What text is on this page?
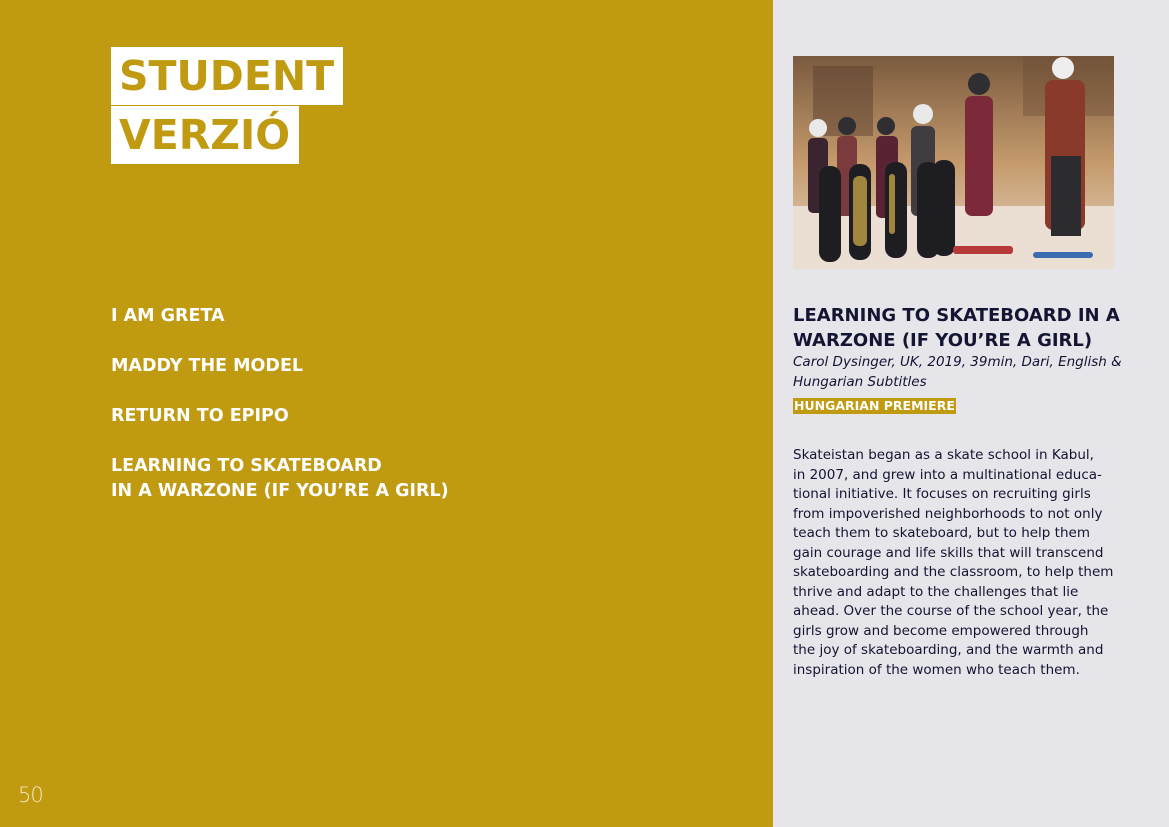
STUDENT
VERZIÓ
I AM GRETA
MADDY THE MODEL
RETURN TO EPIPO
LEARNING TO SKATEBOARD
IN A WARZONE (IF YOU’RE A GIRL)
50
LEARNING TO SKATEBOARD IN A WARZONE (IF YOU’RE A GIRL)
Carol Dysinger, UK, 2019, 39min, Dari, English &
Hungarian Subtitles
HUNGARIAN PREMIERE

Skateistan began as a skate school in Kabul,
in 2007, and grew into a multinational educa-
tional initiative. It focuses on recruiting girls
from impoverished neighborhoods to not only
teach them to skateboard, but to help them
gain courage and life skills that will transcend
skateboarding and the classroom, to help them
thrive and adapt to the challenges that lie
ahead. Over the course of the school year, the
girls grow and become empowered through
the joy of skateboarding, and the warmth and
inspiration of the women who teach them.
